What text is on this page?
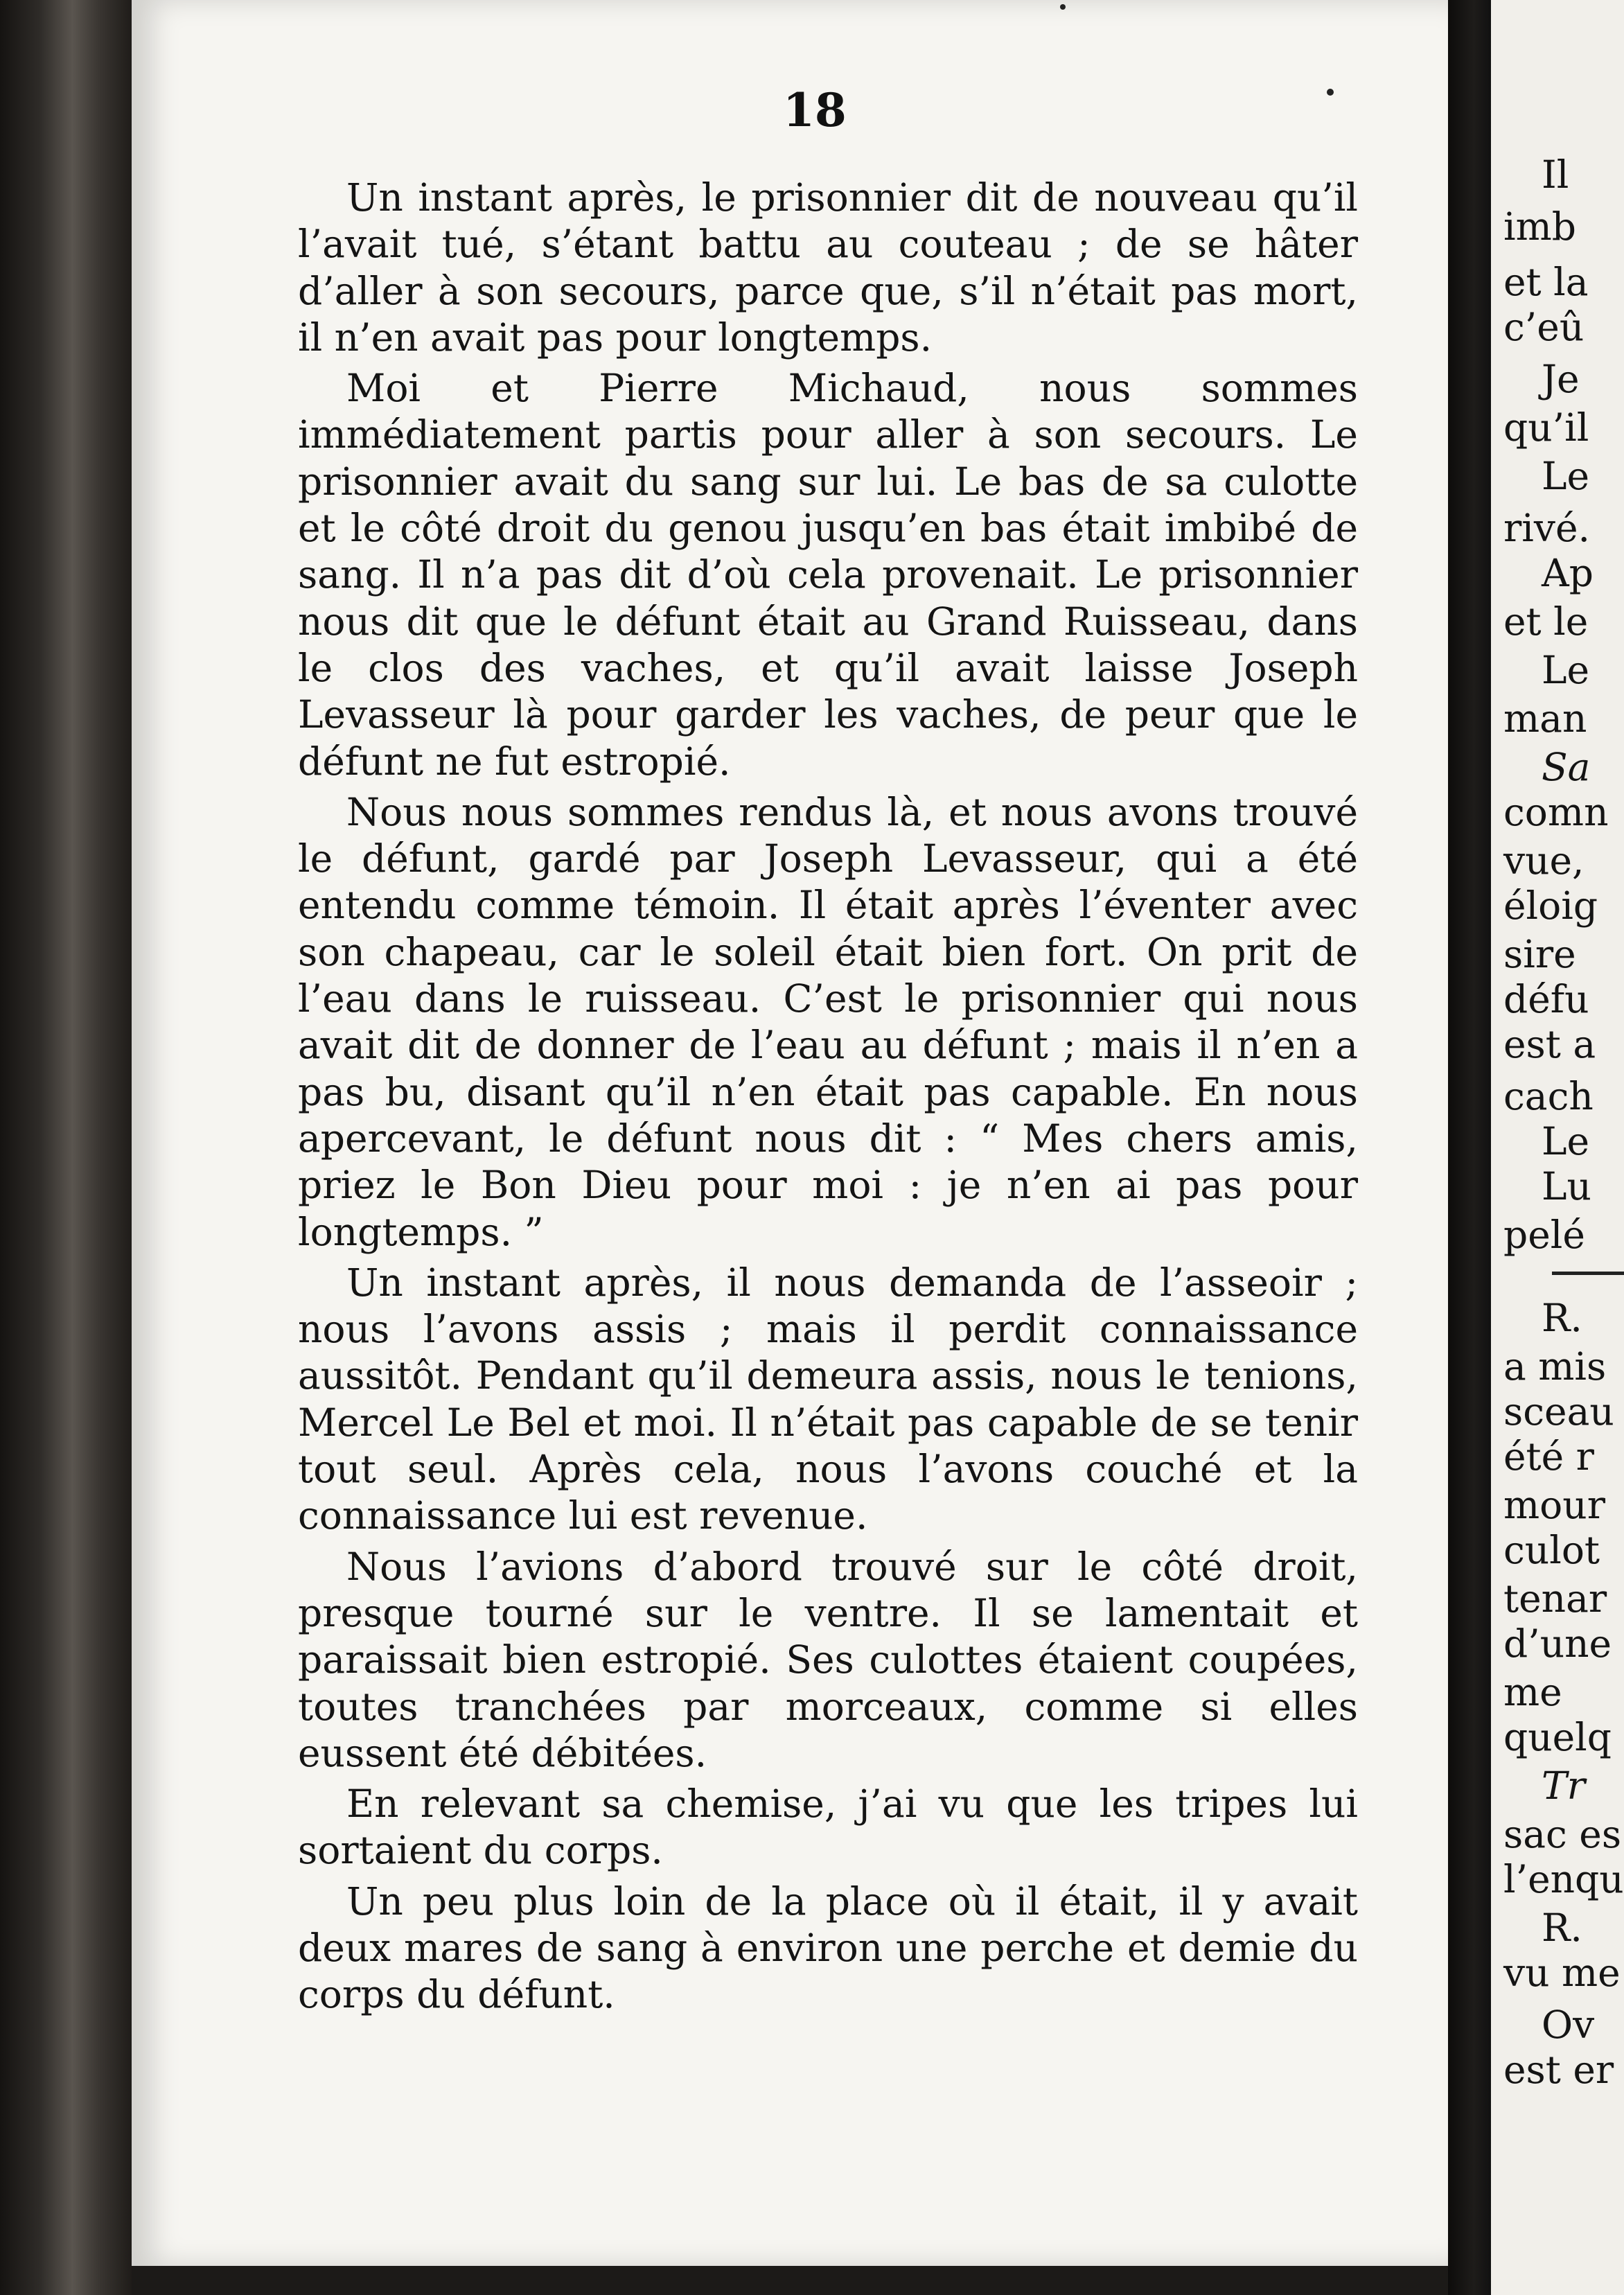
18

Un instant après, le prisonnier dit de nouveau qu’il l’avait tué, s’étant battu au couteau ; de se hâter d’aller à son secours, parce que, s’il n’était pas mort, il n’en avait pas pour longtemps.

Moi et Pierre Michaud, nous sommes immédiatement partis pour aller à son secours. Le prisonnier avait du sang sur lui. Le bas de sa culotte et le côté droit du genou jusqu’en bas était imbibé de sang. Il n’a pas dit d’où cela provenait. Le prisonnier nous dit que le défunt était au Grand Ruisseau, dans le clos des vaches, et qu’il avait laisse Joseph Levasseur là pour garder les vaches, de peur que le défunt ne fut estropié.

Nous nous sommes rendus là, et nous avons trouvé le défunt, gardé par Joseph Levasseur, qui a été entendu comme témoin. Il était après l’éventer avec son chapeau, car le soleil était bien fort. On prit de l’eau dans le ruisseau. C’est le prisonnier qui nous avait dit de donner de l’eau au défunt ; mais il n’en a pas bu, disant qu’il n’en était pas capable. En nous apercevant, le défunt nous dit : “ Mes chers amis, priez le Bon Dieu pour moi : je n’en ai pas pour longtemps. ”

Un instant après, il nous demanda de l’asseoir ; nous l’avons assis ; mais il perdit connaissance aussitôt. Pendant qu’il demeura assis, nous le tenions, Mercel Le Bel et moi. Il n’était pas capable de se tenir tout seul. Après cela, nous l’avons couché et la connaissance lui est revenue.

Nous l’avions d’abord trouvé sur le côté droit, presque tourné sur le ventre. Il se lamentait et paraissait bien estropié. Ses culottes étaient coupées, toutes tranchées par morceaux, comme si elles eussent été débitées.

En relevant sa chemise, j’ai vu que les tripes lui sortaient du corps.

Un peu plus loin de la place où il était, il y avait deux mares de sang à environ une perche et demie du corps du défunt.

Il
imb
et la
c’eû
Je
qu’il
Le
rivé.
Ap
et le
Le
man
Sa
comn
vue,
éloig
sire
défu
est a
cach
Le
Lu
pelé
R.
a mis
sceau
été r
mour
culot
tenar
d’une
me
quelq
Tr
sac es
l’enqu
R.
vu me
Ov
est er
